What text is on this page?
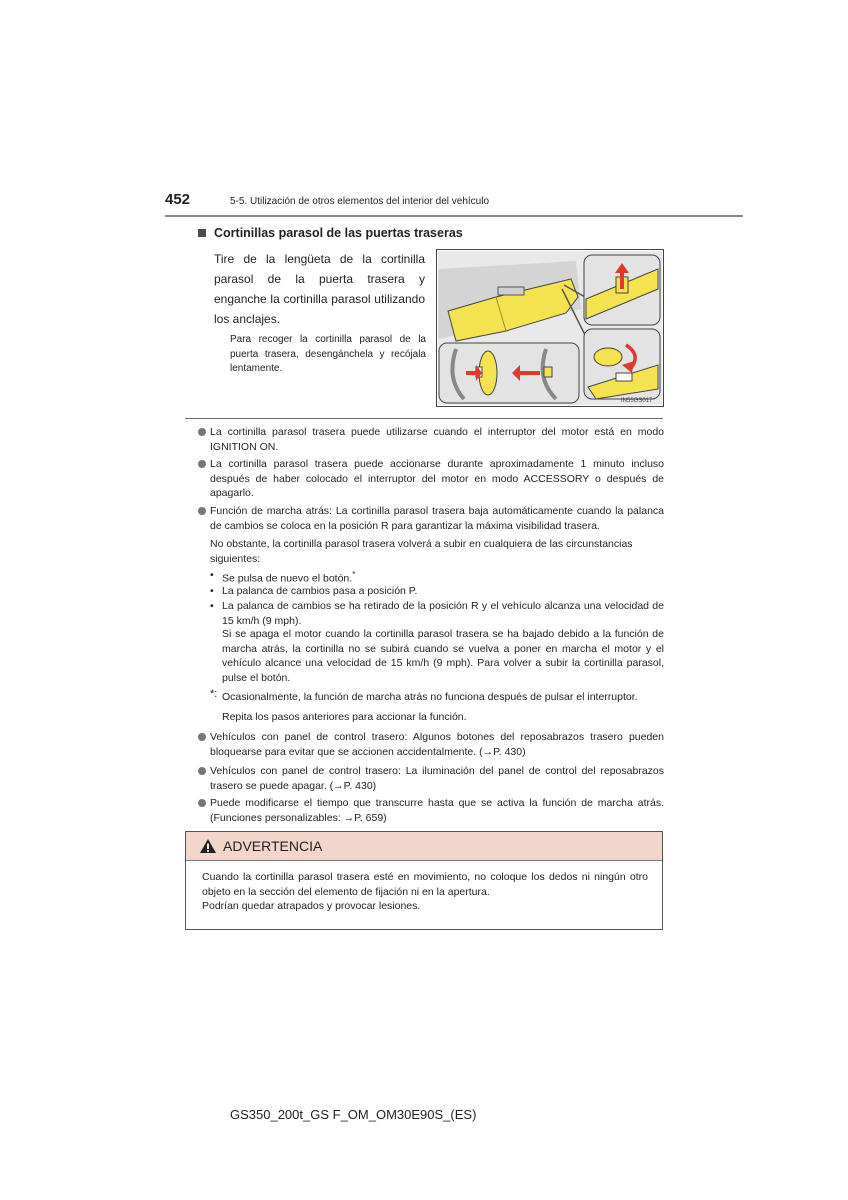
452	5-5. Utilización de otros elementos del interior del vehículo
Cortinillas parasol de las puertas traseras
Tire de la lengüeta de la cortinilla parasol de la puerta trasera y enganche la cortinilla parasol utilizando los anclajes.
Para recoger la cortinilla parasol de la puerta trasera, desengánchela y recójala lentamente.
IN55GS017
La cortinilla parasol trasera puede utilizarse cuando el interruptor del motor está en modo IGNITION ON.
La cortinilla parasol trasera puede accionarse durante aproximadamente 1 minuto incluso después de haber colocado el interruptor del motor en modo ACCESSORY o después de apagarlo.
Función de marcha atrás: La cortinilla parasol trasera baja automáticamente cuando la palanca de cambios se coloca en la posición R para garantizar la máxima visibilidad trasera.
No obstante, la cortinilla parasol trasera volverá a subir en cualquiera de las circunstancias siguientes:
• Se pulsa de nuevo el botón.*
• La palanca de cambios pasa a posición P.
• La palanca de cambios se ha retirado de la posición R y el vehículo alcanza una velocidad de 15 km/h (9 mph).
Si se apaga el motor cuando la cortinilla parasol trasera se ha bajado debido a la función de marcha atrás, la cortinilla no se subirá cuando se vuelva a poner en marcha el motor y el vehículo alcance una velocidad de 15 km/h (9 mph). Para volver a subir la cortinilla parasol, pulse el botón.
*: Ocasionalmente, la función de marcha atrás no funciona después de pulsar el interruptor. Repita los pasos anteriores para accionar la función.
Vehículos con panel de control trasero: Algunos botones del reposabrazos trasero pueden bloquearse para evitar que se accionen accidentalmente. (→P. 430)
Vehículos con panel de control trasero: La iluminación del panel de control del reposabrazos trasero se puede apagar. (→P. 430)
Puede modificarse el tiempo que transcurre hasta que se activa la función de marcha atrás. (Funciones personalizables: →P. 659)
ADVERTENCIA
Cuando la cortinilla parasol trasera esté en movimiento, no coloque los dedos ni ningún otro objeto en la sección del elemento de fijación ni en la apertura.
Podrían quedar atrapados y provocar lesiones.
GS350_200t_GS F_OM_OM30E90S_(ES)
